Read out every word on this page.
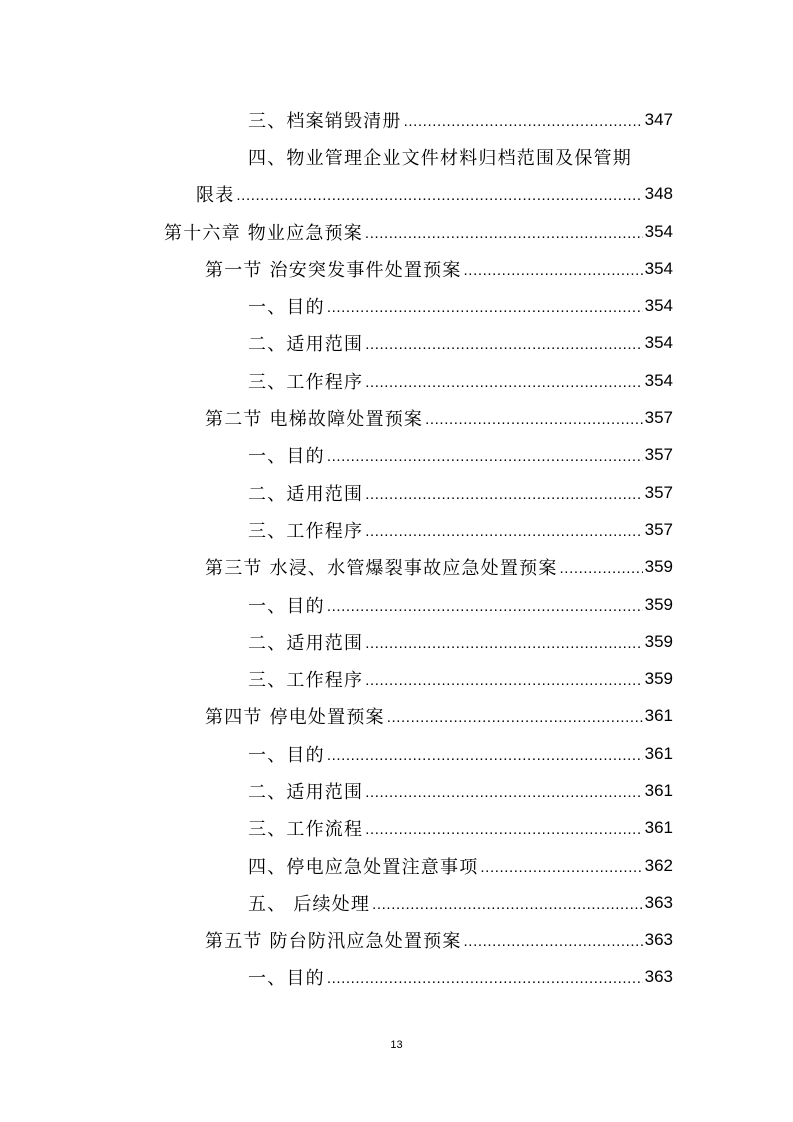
三、档案销毁清册 .....	347
四、物业管理企业文件材料归档范围及保管期
限表 .....	348
第十六章 物业应急预案 .....	354
第一节 治安突发事件处置预案 .....	354
一、目的 .....	354
二、适用范围 .....	354
三、工作程序 .....	354
第二节 电梯故障处置预案 .....	357
一、目的 .....	357
二、适用范围 .....	357
三、工作程序 .....	357
第三节 水浸、水管爆裂事故应急处置预案 .....	359
一、目的 .....	359
二、适用范围 .....	359
三、工作程序 .....	359
第四节 停电处置预案 .....	361
一、目的 .....	361
二、适用范围 .....	361
三、工作流程 .....	361
四、停电应急处置注意事项 .....	362
五、 后续处理 .....	363
第五节 防台防汛应急处置预案 .....	363
一、目的 .....	363
13
